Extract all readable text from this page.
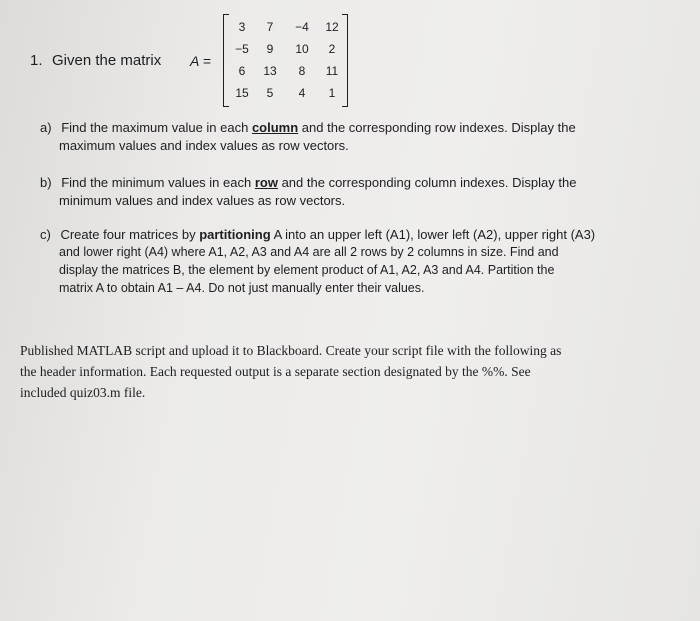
1. Given the matrix A =
3	7	−4	12
−5	9	10	2
6	13	8	11
15	5	4	1
a) Find the maximum value in each column and the corresponding row indexes. Display the
maximum values and index values as row vectors.
b) Find the minimum values in each row and the corresponding column indexes. Display the
minimum values and index values as row vectors.
c) Create four matrices by partitioning A into an upper left (A1), lower left (A2), upper right (A3)
and lower right (A4) where A1, A2, A3 and A4 are all 2 rows by 2 columns in size. Find and
display the matrices B, the element by element product of A1, A2, A3 and A4. Partition the
matrix A to obtain A1 – A4. Do not just manually enter their values.
Published MATLAB script and upload it to Blackboard. Create your script file with the following as
the header information. Each requested output is a separate section designated by the %%. See
included quiz03.m file.
